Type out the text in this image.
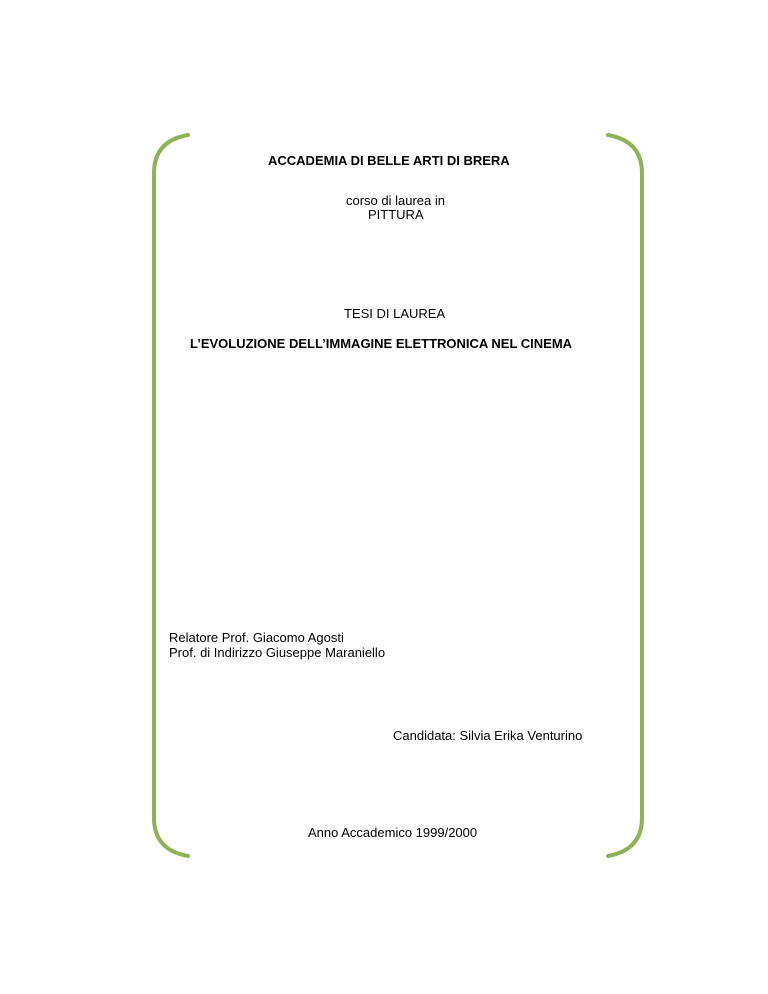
ACCADEMIA DI BELLE ARTI DI BRERA
corso di laurea in
PITTURA
TESI DI LAUREA
L’EVOLUZIONE DELL’IMMAGINE ELETTRONICA NEL CINEMA
Relatore Prof. Giacomo Agosti
Prof. di Indirizzo Giuseppe Maraniello
Candidata: Silvia Erika Venturino
Anno Accademico 1999/2000
